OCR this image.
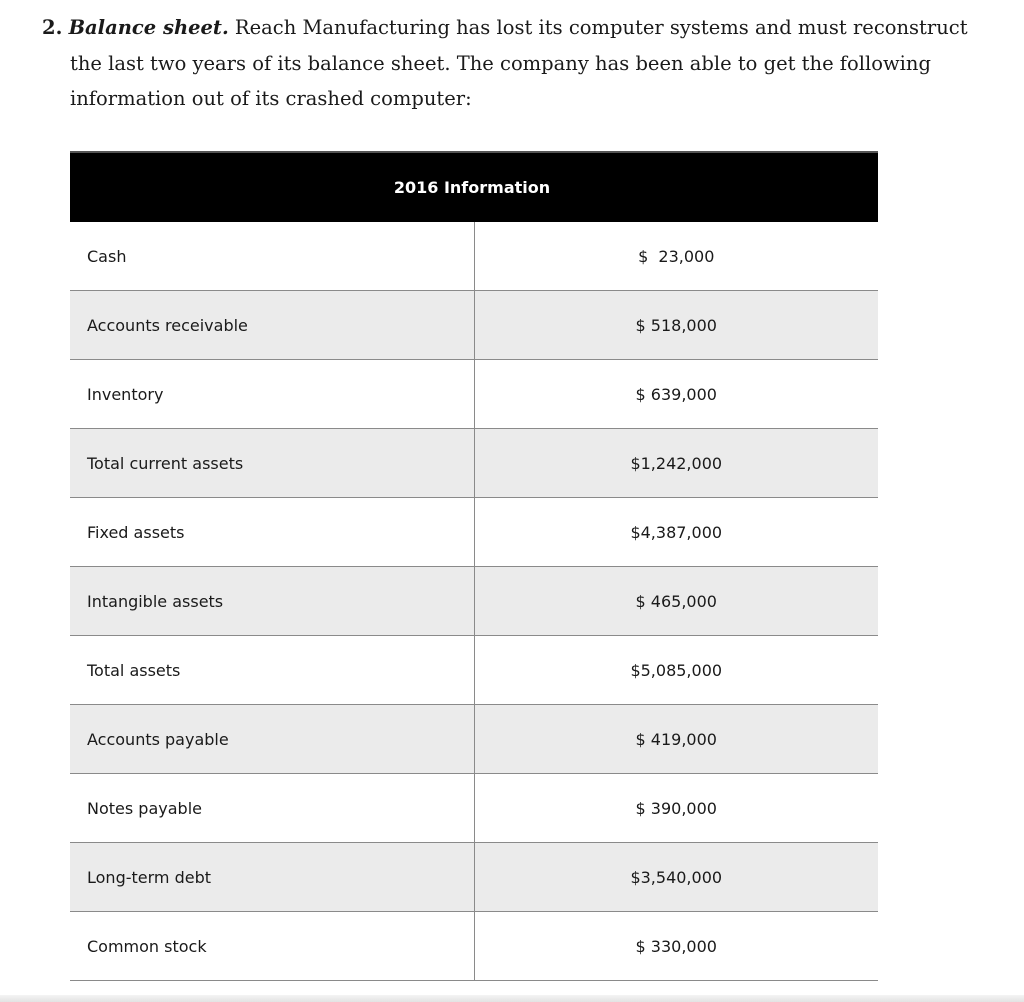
2. Balance sheet. Reach Manufacturing has lost its computer systems and must reconstruct
the last two years of its balance sheet. The company has been able to get the following
information out of its crashed computer:
2016 Information	
Cash	$  23,000
Accounts receivable	$ 518,000
Inventory	$ 639,000
Total current assets	$1,242,000
Fixed assets	$4,387,000
Intangible assets	$ 465,000
Total assets	$5,085,000
Accounts payable	$ 419,000
Notes payable	$ 390,000
Long-term debt	$3,540,000
Common stock	$ 330,000
